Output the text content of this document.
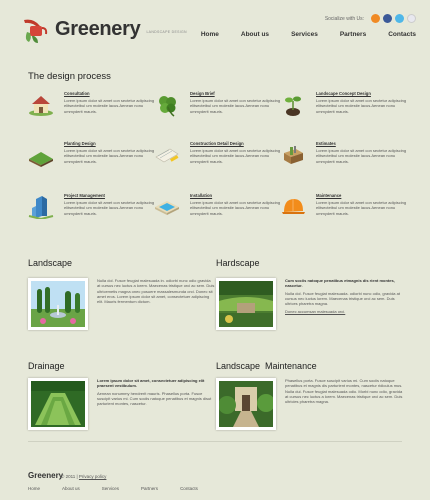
Greenery LANDSCAPE DESIGN
Socialize with Us:
Home	About us	Services	Partners	Contacts
The design process
Consultation
Lorem ipsum dolor sit amet con sectetur adipiscing elitsectetbul um molestie lacus.Aenean nonu ummyderit mauris.
Design Brief
Lorem ipsum dolor sit amet con sectetur adipiscing elitsectetbul um molestie lacus.Aenean nonu ummyderit mauris.
Landscape Concept Design
Lorem ipsum dolor sit amet con sectetur adipiscing elitsectetbul um molestie lacus.Aenean nonu ummyderit mauris.
Planting Design
Lorem ipsum dolor sit amet con sectetur adipiscing elitsectetbul um molestie lacus.Aenean nonu ummyderit mauris.
Construction Detail Design
Lorem ipsum dolor sit amet con sectetur adipiscing elitsectetbul um molestie lacus.Aenean nonu ummyderit mauris.
Estimates
Lorem ipsum dolor sit amet con sectetur adipiscing elitsectetbul um molestie lacus.Aenean nonu ummyderit mauris.
Project Management
Lorem ipsum dolor sit amet con sectetur adipiscing elitsectetbul um molestie lacus.Aenean nonu ummyderit mauris.
Installation
Lorem ipsum dolor sit amet con sectetur adipiscing elitsectetbul um molestie lacus.Aenean nonu ummyderit mauris.
Maintenance
Lorem ipsum dolor sit amet con sectetur adipiscing elitsectetbul um molestie lacus.Aenean nonu ummyderit mauris.
Landscape
Nulla dol. Fusce feugiat malesuada in. odiorbi nunc odio gravida at cursus nec luctus a lorem. Maecenas tristique orci ac sem. Duis ultricemetis magna onec posuere massalesmunda orci. Donec sit amet eros. Lorem ipsum dolor sit amet, consectetuer adipiscing elit. Mauris fermentum dictum.
Hardscape
Cum sociis natoque penatibus etmagnis dis rient montes, nascetur.
Nulla dol. Fusce feugiat malesuada. odiorbi nunc odio, gravida at cursus nec luctus lorem. Maecenas tristique orci ac sem. Duis ultrices pharetra magna.
Donec accumsan malesuada orci.
Drainage
Lorem ipsum dolor sit amet, consectetuer adipiscing elit praesent vestibulum.
Aenean nonummy hendrerit mauris. Phasellus porta. Fusce suscipit varius mi. Cum sociis natoque penatibus et magnis disut parturient montes, nascetur.
Landscape  Maintenance
Phasellus porta. Fusce suscipit varius mi. Cum sociis natoque penatibus et magnis dis parturient montes, nascetur ridiculus mus. Nulla dui. Fusce feugiat malesuada odio. Morbi nunc odio, gravida at cursus nec luctus a lorem. Maecenas tristique orci ac sem. Duis ultricies pharetra magna.
Greenery
© 2011 | Privacy policy
Home	About us	Services	Partners	Contacts
